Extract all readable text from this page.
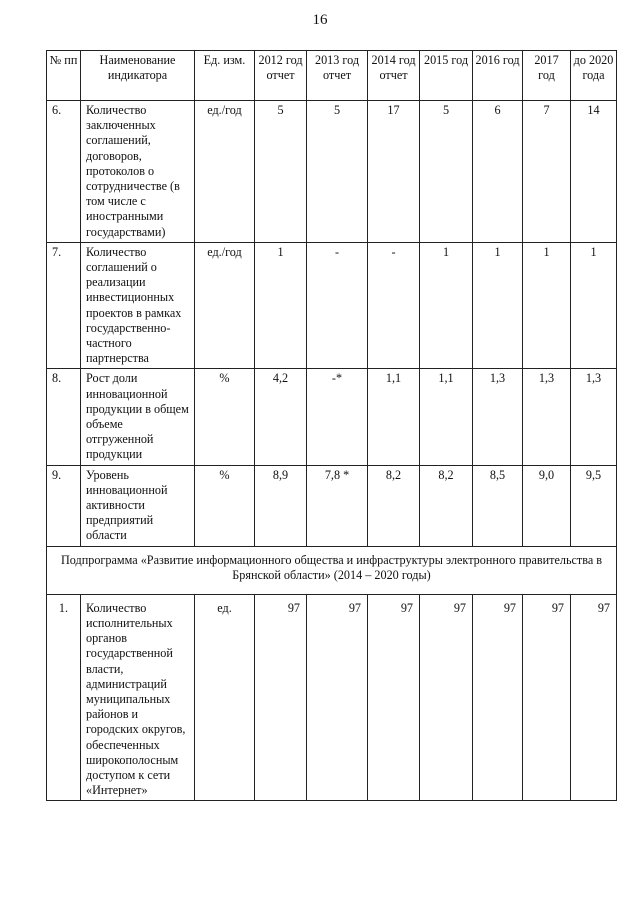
16
№ пп	Наименование индикатора	Ед. изм.	2012 год отчет	2013 год отчет	2014 год отчет	2015 год	2016 год	2017 год	до 2020 года
6.	Количество заключенных соглашений, договоров, протоколов о сотрудничестве (в том числе с иностранными государствами)	ед./год	5	5	17	5	6	7	14
7.	Количество соглашений о реализации инвестиционных проектов в рамках государственно-частного партнерства	ед./год	1	-	-	1	1	1	1
8.	Рост доли инновационной продукции в общем объеме отгруженной продукции	%	4,2	-*	1,1	1,1	1,3	1,3	1,3
9.	Уровень инновационной активности предприятий области	%	8,9	7,8 *	8,2	8,2	8,5	9,0	9,5
Подпрограмма «Развитие информационного общества и инфраструктуры электронного правительства в Брянской области» (2014 – 2020 годы)									
1.	Количество исполнительных органов государственной власти, администраций муниципальных районов и городских округов, обеспеченных широкополосным доступом к сети «Интернет»	ед.	97	97	97	97	97	97	97
